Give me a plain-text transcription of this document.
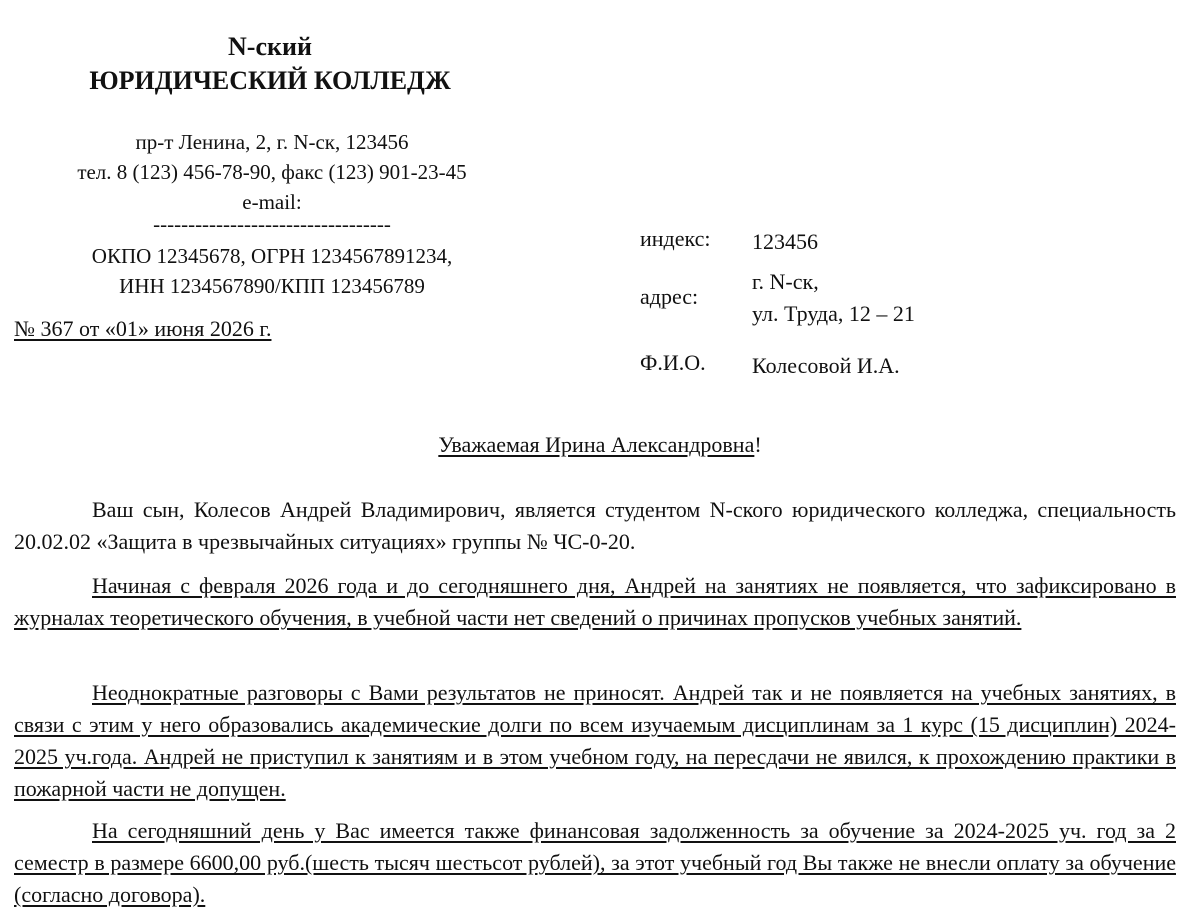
N-ский
ЮРИДИЧЕСКИЙ КОЛЛЕДЖ
пр-т Ленина, 2, г. N-ск, 123456
тел. 8 (123) 456-78-90, факс (123) 901-23-45
e-mail:
----------------------------------
ОКПО 12345678, ОГРН 1234567891234,
ИНН 1234567890/КПП 123456789
№ 367 от «01» июня 2026 г.
индекс: 123456
адрес:
г. N-ск,
ул. Труда, 12 – 21
Ф.И.О. Колесовой И.А.
Уважаемая Ирина Александровна!

Ваш сын, Колесов Андрей Владимирович, является студентом N-ского юридического колледжа, специальность 20.02.02 «Защита в чрезвычайных ситуациях» группы № ЧС-0-20.

Начиная с февраля 2026 года и до сегодняшнего дня, Андрей на занятиях не появляется, что зафиксировано в журналах теоретического обучения, в учебной части нет сведений о причинах пропусков учебных занятий.

Неоднократные разговоры с Вами результатов не приносят. Андрей так и не появляется на учебных занятиях, в связи с этим у него образовались академические долги по всем изучаемым дисциплинам за 1 курс (15 дисциплин) 2024-2025 уч.года. Андрей не приступил к занятиям и в этом учебном году, на пересдачи не явился, к прохождению практики в пожарной части не допущен.

На сегодняшний день у Вас имеется также финансовая задолженность за обучение за 2024-2025 уч. год за 2 семестр в размере 6600,00 руб.(шесть тысяч шестьсот рублей), за этот учебный год Вы также не внесли оплату за обучение (согласно договора).
